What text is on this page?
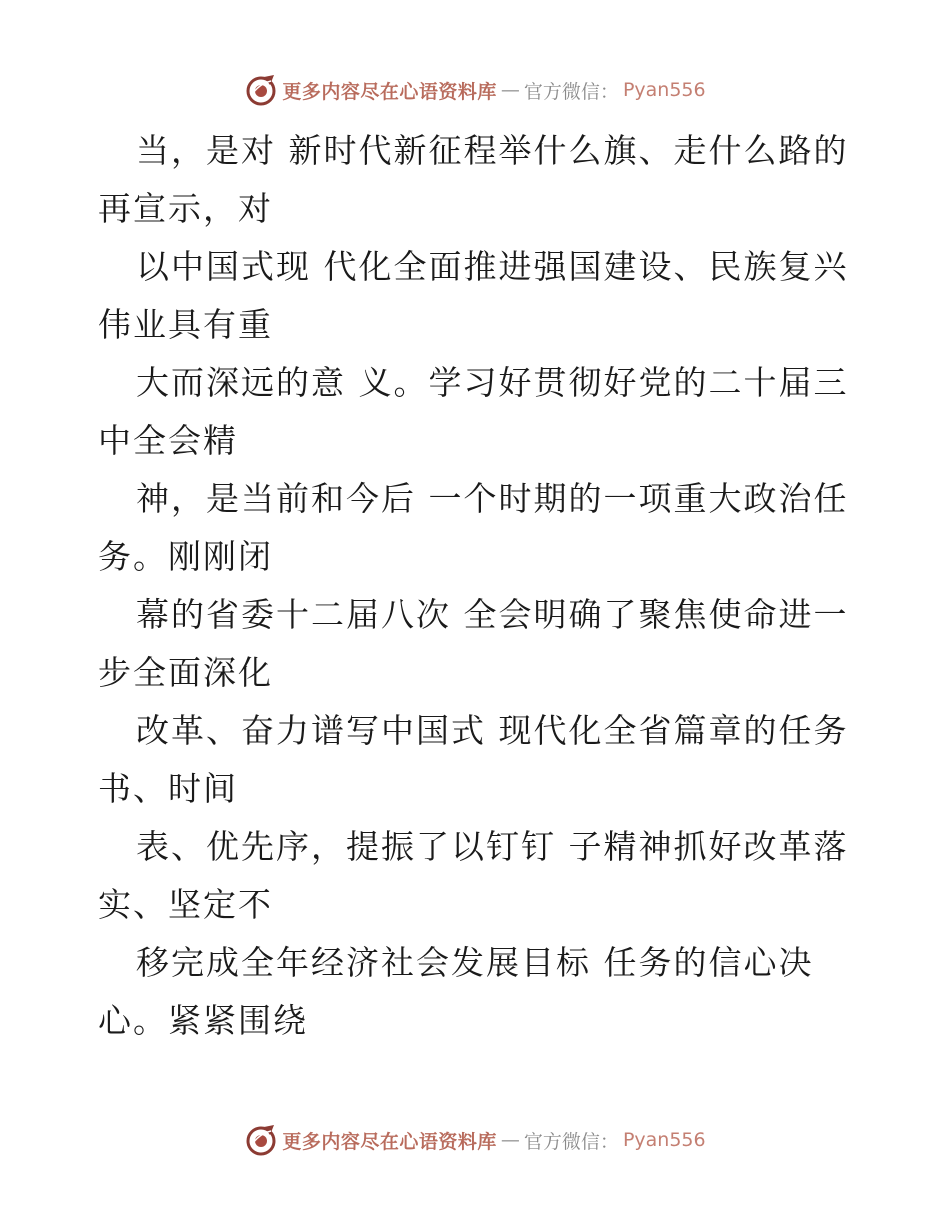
更多内容尽在心语资料库 — 官方微信： Pyan556

当，是对 新时代新征程举什么旗、走什么路的

再宣示，对

以中国式现 代化全面推进强国建设、民族复兴

伟业具有重

大而深远的意 义。学习好贯彻好党的二十届三

中全会精

神，是当前和今后 一个时期的一项重大政治任

务。刚刚闭

幕的省委十二届八次 全会明确了聚焦使命进一

步全面深化

改革、奋力谱写中国式 现代化全省篇章的任务

书、时间

表、优先序，提振了以钉钉 子精神抓好改革落

实、坚定不

移完成全年经济社会发展目标 任务的信心决

心。紧紧围绕

更多内容尽在心语资料库 — 官方微信： Pyan556
